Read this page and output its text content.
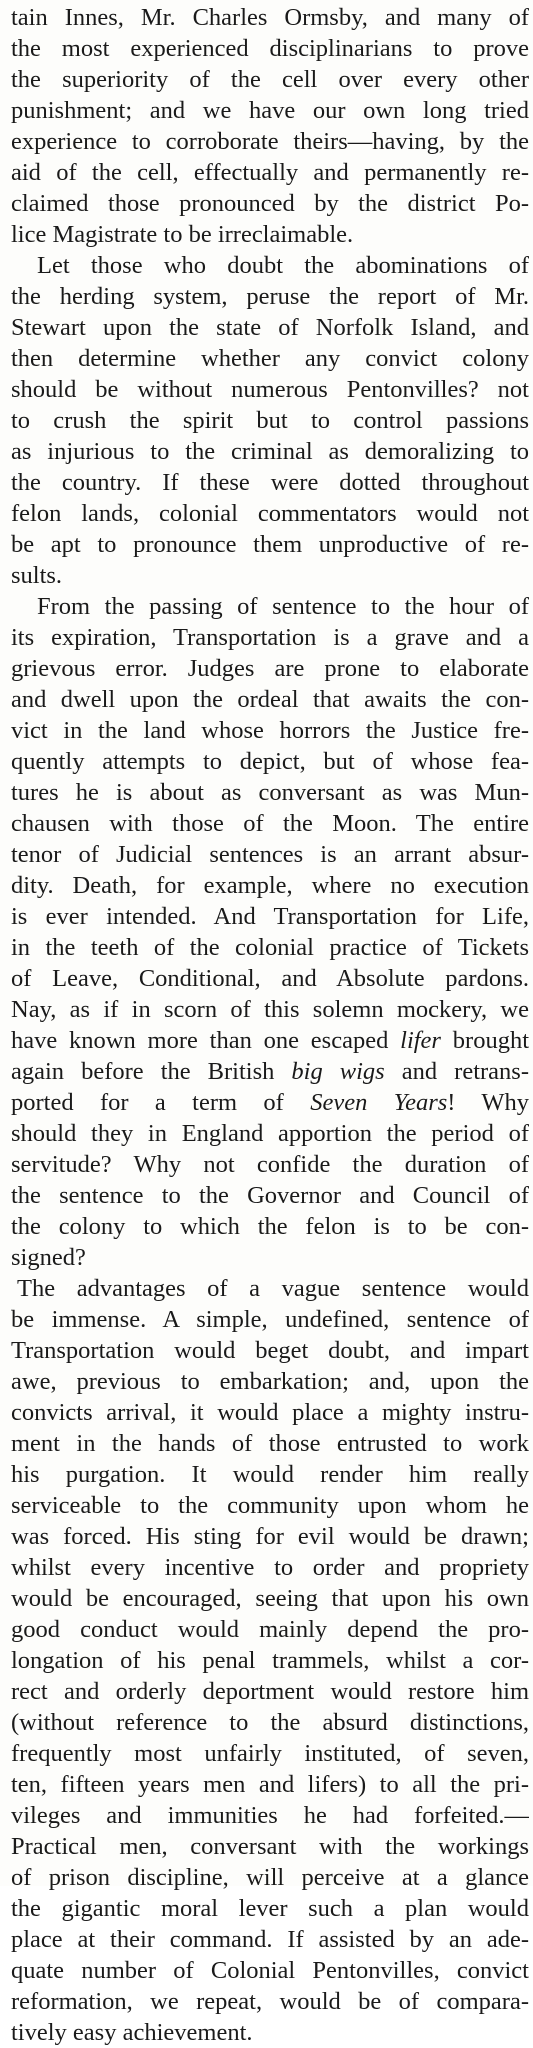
tain Innes, Mr. Charles Ormsby, and many of
the most experienced disciplinarians to prove
the superiority of the cell over every other
punishment; and we have our own long tried
experience to corroborate theirs—having, by the
aid of the cell, effectually and permanently re-
claimed those pronounced by the district Po-
lice Magistrate to be irreclaimable.
Let those who doubt the abominations of
the herding system, peruse the report of Mr.
Stewart upon the state of Norfolk Island, and
then determine whether any convict colony
should be without numerous Pentonvilles? not
to crush the spirit but to control passions
as injurious to the criminal as demoralizing to
the country. If these were dotted throughout
felon lands, colonial commentators would not
be apt to pronounce them unproductive of re-
sults.
From the passing of sentence to the hour of
its expiration, Transportation is a grave and a
grievous error. Judges are prone to elaborate
and dwell upon the ordeal that awaits the con-
vict in the land whose horrors the Justice fre-
quently attempts to depict, but of whose fea-
tures he is about as conversant as was Mun-
chausen with those of the Moon. The entire
tenor of Judicial sentences is an arrant absur-
dity. Death, for example, where no execution
is ever intended. And Transportation for Life,
in the teeth of the colonial practice of Tickets
of Leave, Conditional, and Absolute pardons.
Nay, as if in scorn of this solemn mockery, we
have known more than one escaped lifer brought
again before the British big wigs and retrans-
ported for a term of Seven Years! Why
should they in England apportion the period of
servitude? Why not confide the duration of
the sentence to the Governor and Council of
the colony to which the felon is to be con-
signed?
The advantages of a vague sentence would
be immense. A simple, undefined, sentence of
Transportation would beget doubt, and impart
awe, previous to embarkation; and, upon the
convicts arrival, it would place a mighty instru-
ment in the hands of those entrusted to work
his purgation. It would render him really
serviceable to the community upon whom he
was forced. His sting for evil would be drawn;
whilst every incentive to order and propriety
would be encouraged, seeing that upon his own
good conduct would mainly depend the pro-
longation of his penal trammels, whilst a cor-
rect and orderly deportment would restore him
(without reference to the absurd distinctions,
frequently most unfairly instituted, of seven,
ten, fifteen years men and lifers) to all the pri-
vileges and immunities he had forfeited.—
Practical men, conversant with the workings
of prison discipline, will perceive at a glance
the gigantic moral lever such a plan would
place at their command. If assisted by an ade-
quate number of Colonial Pentonvilles, convict
reformation, we repeat, would be of compara-
tively easy achievement.
